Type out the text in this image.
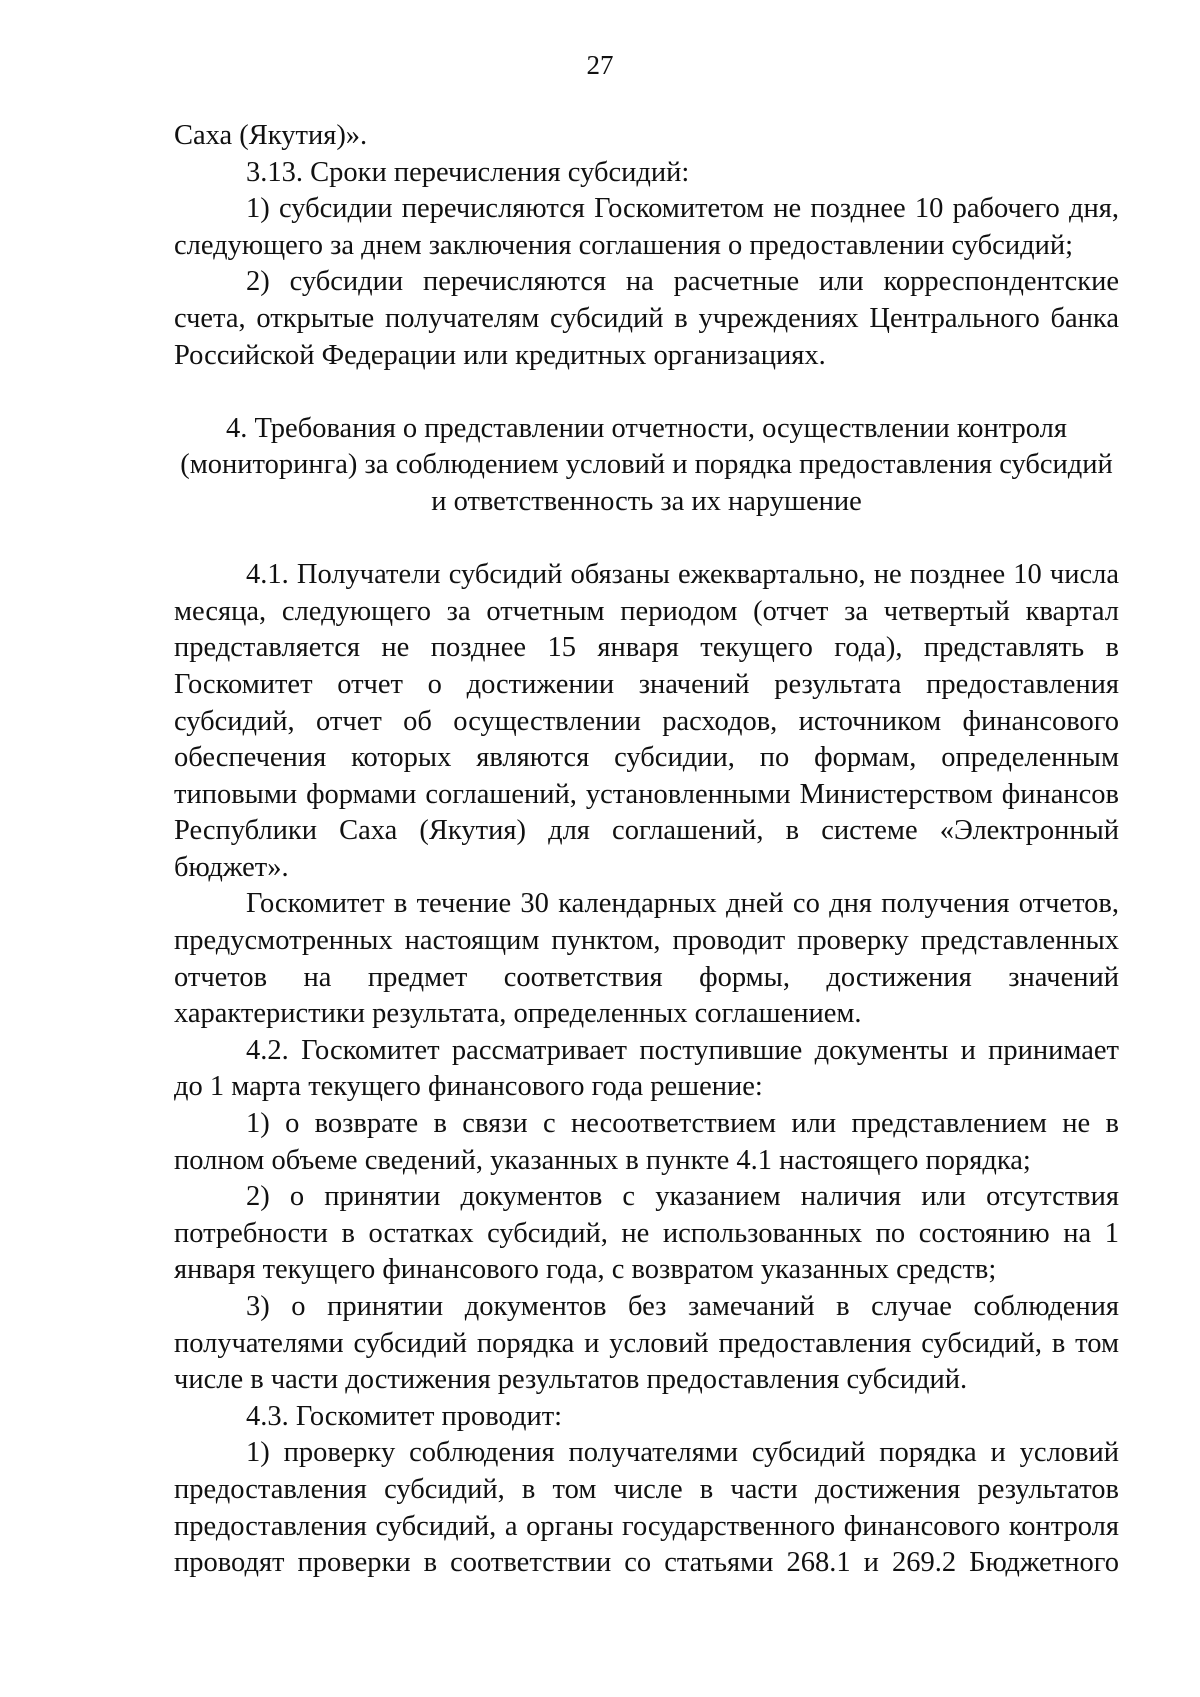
27

Саха (Якутия)».

3.13. Сроки перечисления субсидий:

1) субсидии перечисляются Госкомитетом не позднее 10 рабочего дня, следующего за днем заключения соглашения о предоставлении субсидий;

2) субсидии перечисляются на расчетные или корреспондентские счета, открытые получателям субсидий в учреждениях Центрального банка Российской Федерации или кредитных организациях.

4. Требования о представлении отчетности, осуществлении контроля
(мониторинга) за соблюдением условий и порядка предоставления субсидий
и ответственность за их нарушение

4.1. Получатели субсидий обязаны ежеквартально, не позднее 10 числа месяца, следующего за отчетным периодом (отчет за четвертый квартал представляется не позднее 15 января текущего года), представлять в Госкомитет отчет о достижении значений результата предоставления субсидий, отчет об осуществлении расходов, источником финансового обеспечения которых являются субсидии, по формам, определенным типовыми формами соглашений, установленными Министерством финансов Республики Саха (Якутия) для соглашений, в системе «Электронный бюджет».

Госкомитет в течение 30 календарных дней со дня получения отчетов, предусмотренных настоящим пунктом, проводит проверку представленных отчетов на предмет соответствия формы, достижения значений характеристики результата, определенных соглашением.

4.2. Госкомитет рассматривает поступившие документы и принимает до 1 марта текущего финансового года решение:

1) о возврате в связи с несоответствием или представлением не в полном объеме сведений, указанных в пункте 4.1 настоящего порядка;

2) о принятии документов с указанием наличия или отсутствия потребности в остатках субсидий, не использованных по состоянию на 1 января текущего финансового года, с возвратом указанных средств;

3) о принятии документов без замечаний в случае соблюдения получателями субсидий порядка и условий предоставления субсидий, в том числе в части достижения результатов предоставления субсидий.

4.3. Госкомитет проводит:

1) проверку соблюдения получателями субсидий порядка и условий предоставления субсидий, в том числе в части достижения результатов предоставления субсидий, а органы государственного финансового контроля проводят проверки в соответствии со статьями 268.1 и 269.2 Бюджетного
